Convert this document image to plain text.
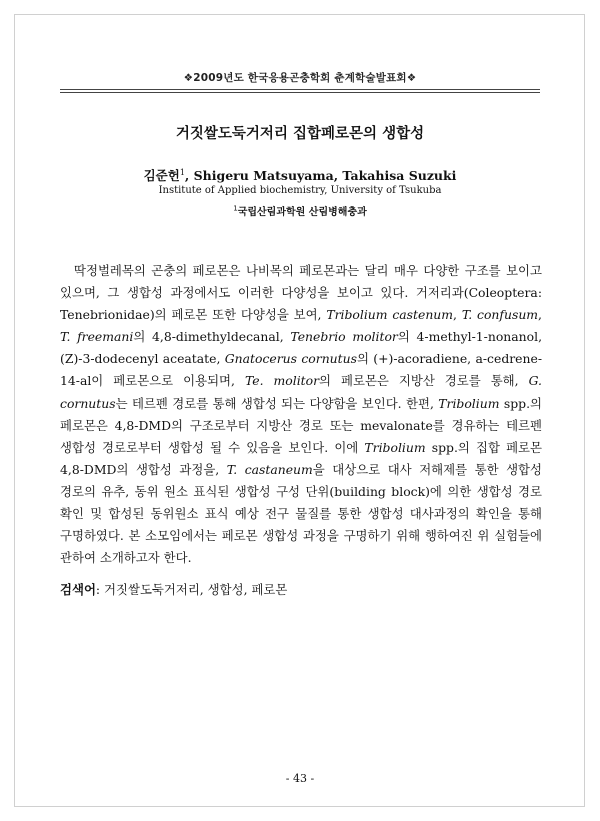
❖2009년도 한국응용곤충학회 춘계학술발표회❖
거짓쌀도둑거저리 집합페로몬의 생합성
김준헌$^1$, Shigeru Matsuyama, Takahisa Suzuki
Institute of Applied biochemistry, University of Tsukuba
$^1$국립산림과학원 산림병해충과

딱정벌레목의 곤충의 페로몬은 나비목의 페로몬과는 달리 매우 다양한 구조를 보이고 있으며, 그 생합성 과정에서도 이러한 다양성을 보이고 있다. 거저리과(Coleoptera: Tenebrionidae)의 페로몬 또한 다양성을 보여, Tribolium castenum, T. confusum, T. freemani의 4,8-dimethyldecanal, Tenebrio molitor의 4-methyl-1-nonanol, (Z)-3-dodecenyl aceatate, Gnatocerus cornutus의 (+)-acoradiene, a-cedrene-14-al이 페로몬으로 이용되며, Te. molitor의 페로몬은 지방산 경로를 통해, G. cornutus는 테르펜 경로를 통해 생합성 되는 다양함을 보인다. 한편, Tribolium spp.의 페로몬은 4,8-DMD의 구조로부터 지방산 경로 또는 mevalonate를 경유하는 테르펜 생합성 경로로부터 생합성 될 수 있음을 보인다. 이에 Tribolium spp.의 집합 페로몬 4,8-DMD의 생합성 과정을, T. castaneum을 대상으로 대사 저해제를 통한 생합성 경로의 유추, 동위 원소 표식된 생합성 구성 단위(building block)에 의한 생합성 경로 확인 및 합성된 동위원소 표식 예상 전구 물질를 통한 생합성 대사과정의 확인을 통해 구명하였다. 본 소모임에서는 페로몬 생합성 과정을 구명하기 위해 행하여진 위 실험들에 관하여 소개하고자 한다.

검색어: 거짓쌀도둑거저리, 생합성, 페로몬
- 43 -
